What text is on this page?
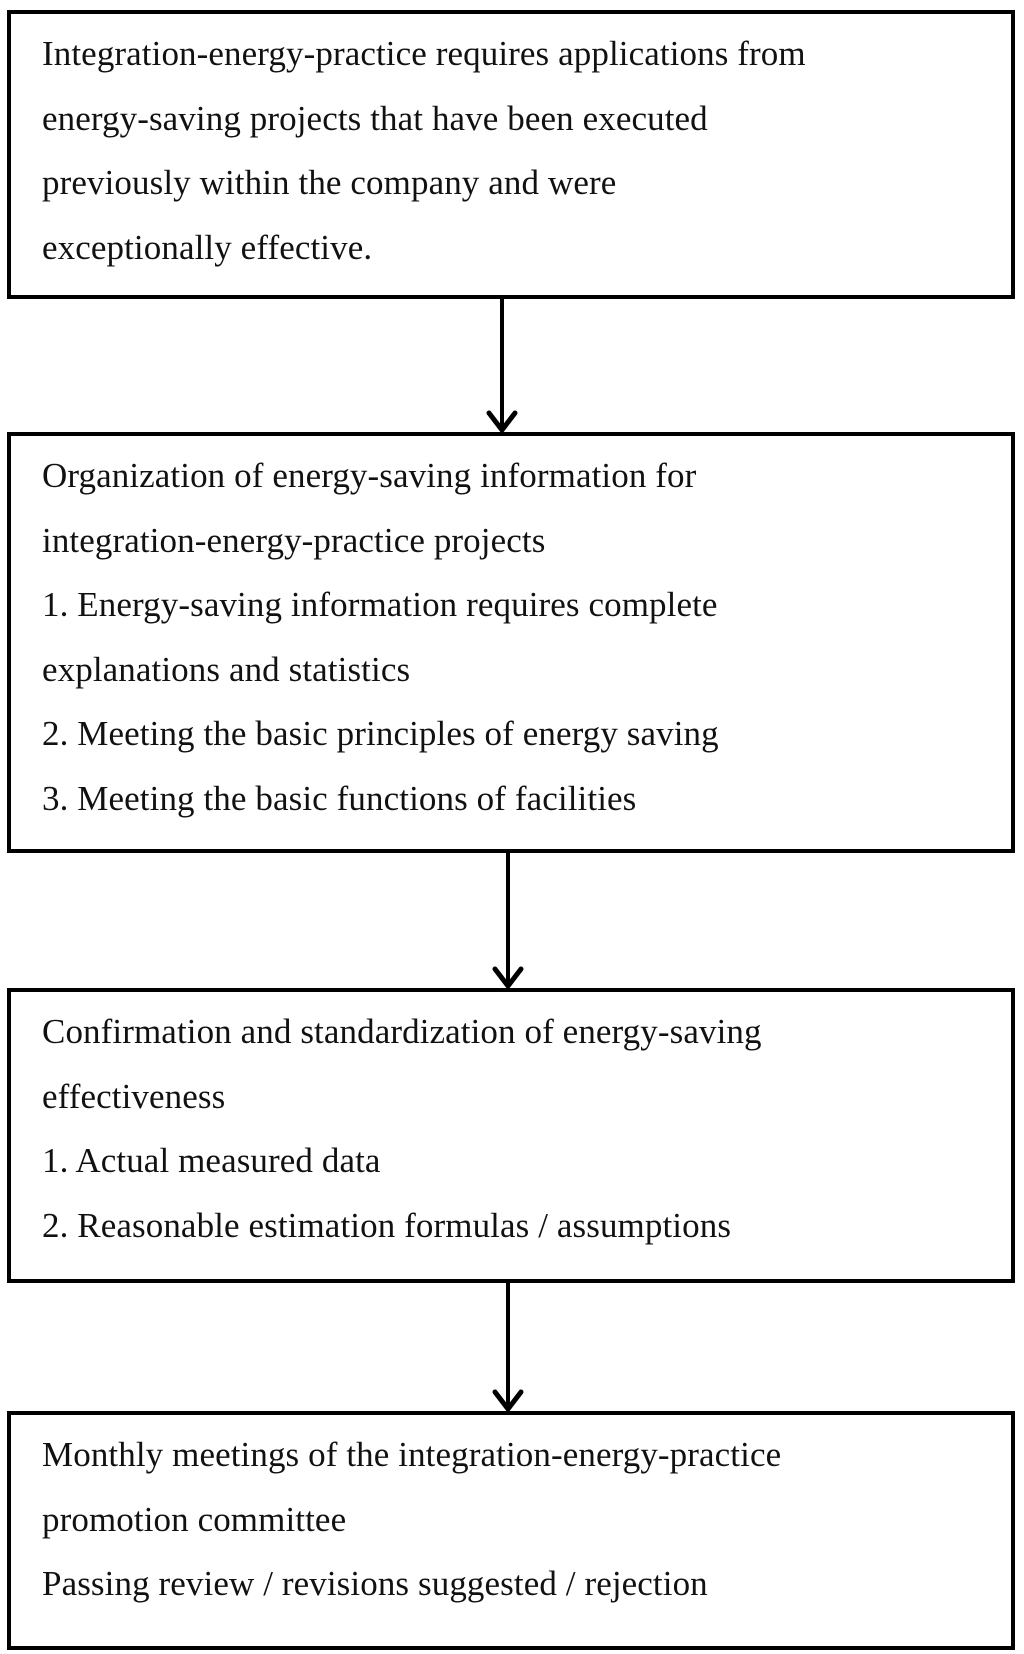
Integration-energy-practice requires applications from
energy-saving projects that have been executed
previously within the company and were
exceptionally effective.
Organization of energy-saving information for
integration-energy-practice projects
1. Energy-saving information requires complete
explanations and statistics
2. Meeting the basic principles of energy saving
3. Meeting the basic functions of facilities
Confirmation and standardization of energy-saving
effectiveness
1. Actual measured data
2. Reasonable estimation formulas / assumptions
Monthly meetings of the integration-energy-practice
promotion committee
Passing review / revisions suggested / rejection
